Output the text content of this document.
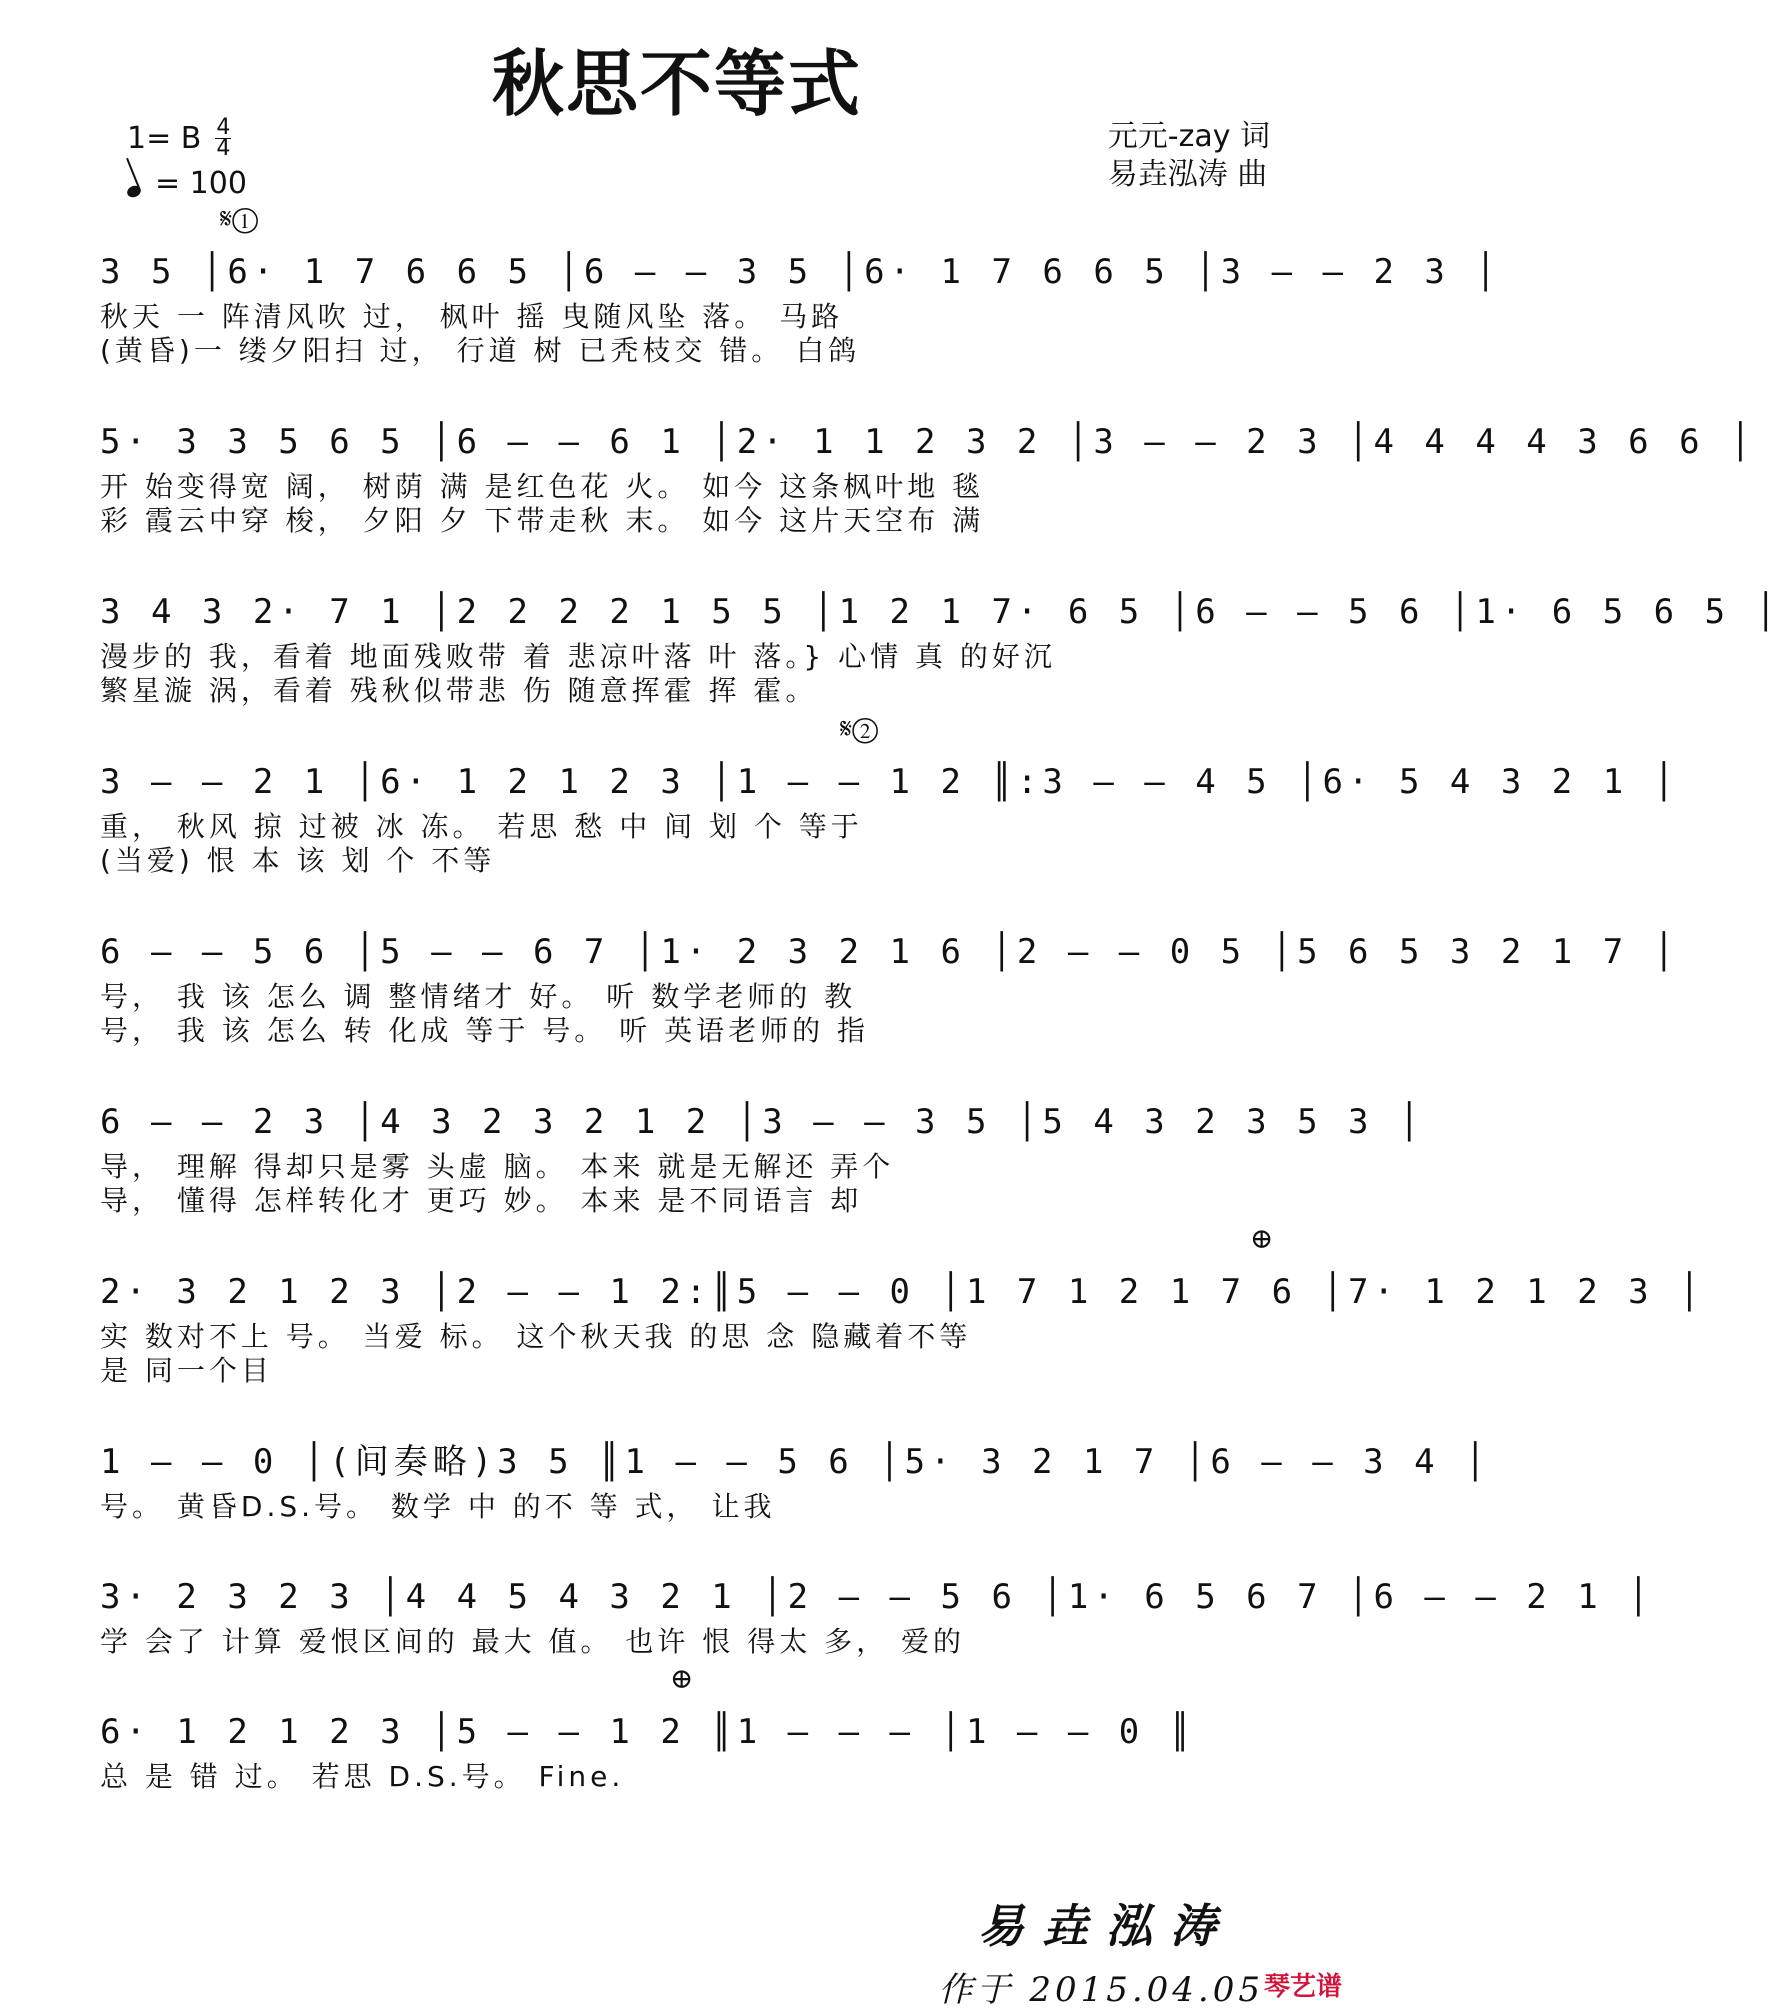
秋思不等式
1= B $\frac{4}{4}$
= 100
元元-zay 词
易垚泓涛 曲
𝄋①
3 5 │6· 1 7 6 6 5 │6 — — 3 5 │6· 1 7 6 6 5 │3 — — 2 3 │
秋天 一 阵清风吹 过， 枫叶 摇 曳随风坠 落。 马路
(黄昏)一 缕夕阳扫 过， 行道 树 已秃枝交 错。 白鸽
5· 3 3 5 6 5 │6 — — 6 1 │2· 1 1 2 3 2 │3 — — 2 3 │4 4 4 4 3 6 6 │
开 始变得宽 阔， 树荫 满 是红色花 火。 如今 这条枫叶地 毯
彩 霞云中穿 梭， 夕阳 夕 下带走秋 末。 如今 这片天空布 满
3 4 3 2· 7 1 │2 2 2 2 1 5 5 │1 2 1 7· 6 5 │6 — — 5 6 │1· 6 5 6 5 │
漫步的 我，看着 地面残败带 着 悲凉叶落 叶 落。} 心情 真 的好沉
繁星漩 涡，看着 残秋似带悲 伤 随意挥霍 挥 霍。
𝄋②
3 — — 2 1 │6· 1 2 1 2 3 │1 — — 1 2 ║:3 — — 4 5 │6· 5 4 3 2 1 │
重， 秋风 掠 过被 冰 冻。 若思 愁 中 间 划 个 等于
(当爱) 恨 本 该 划 个 不等
6 — — 5 6 │5 — — 6 7 │1· 2 3 2 1 6 │2 — — 0 5 │5 6 5 3 2 1 7 │
号， 我 该 怎么 调 整情绪才 好。 听 数学老师的 教
号， 我 该 怎么 转 化成 等于 号。 听 英语老师的 指
6 — — 2 3 │4 3 2 3 2 1 2 │3 — — 3 5 │5 4 3 2 3 5 3 │
导， 理解 得却只是雾 头虚 脑。 本来 就是无解还 弄个
导， 懂得 怎样转化才 更巧 妙。 本来 是不同语言 却
⊕
2· 3 2 1 2 3 │2 — — 1 2:║5 — — 0 │1 7 1 2 1 7 6 │7· 1 2 1 2 3 │
实 数对不上 号。 当爱 标。 这个秋天我 的思 念 隐藏着不等
是 同一个目
1 — — 0 │(间奏略)3 5 ║1 — — 5 6 │5· 3 2 1 7 │6 — — 3 4 │
号。 黄昏D.S.号。 数学 中 的不 等 式， 让我
3· 2 3 2 3 │4 4 5 4 3 2 1 │2 — — 5 6 │1· 6 5 6 7 │6 — — 2 1 │
学 会了 计算 爱恨区间的 最大 值。 也许 恨 得太 多， 爱的
⊕
6· 1 2 1 2 3 │5 — — 1 2 ║1 — — — │1 — — 0 ║
总 是 错 过。 若思 D.S.号。 Fine.
易垚泓涛
作于 2015.04.05 琴艺谱
